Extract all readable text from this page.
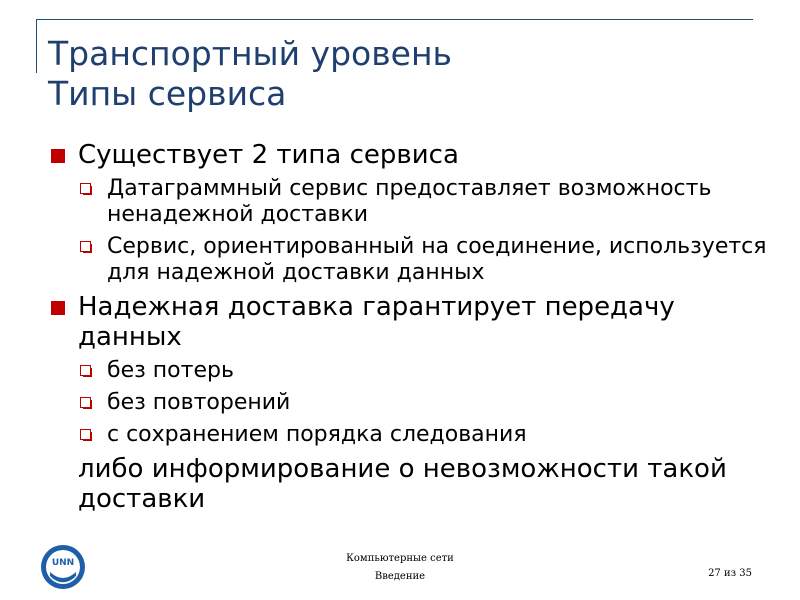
Транспортный уровень
Типы сервиса
Существует 2 типа сервиса
Датаграммный сервис предоставляет возможность ненадежной доставки
Сервис, ориентированный на соединение, используется для надежной доставки данных
Надежная доставка гарантирует передачу данных
без потерь
без повторений
с сохранением порядка следования
либо информирование о невозможности такой доставки
UNN	Компьютерные сети
Введение	27 из 35
